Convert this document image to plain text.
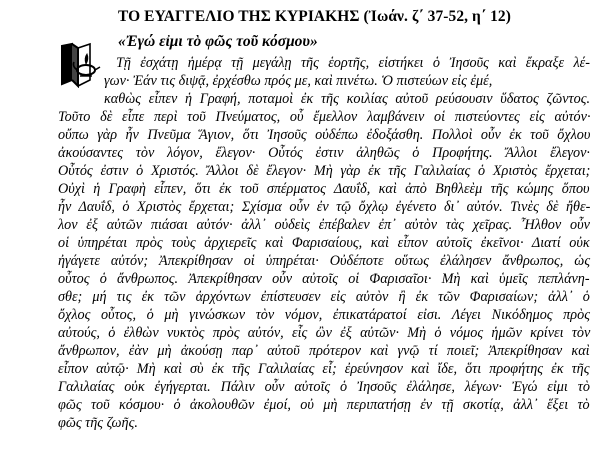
ΤΟ ΕΥΑΓΓΕΛΙΟ ΤΗΣ ΚΥΡΙΑΚΗΣ (Ἰωάν. ζ΄ 37-52, η΄ 12)
«Ἐγώ εἰμι τὸ φῶς τοῦ κόσμου»
Τῇ ἐσχάτῃ ἡμέρᾳ τῇ μεγάλῃ τῆς ἑορτῆς, εἱστήκει ὁ Ἰησοῦς καὶ ἔκραξε λέ-
γων· Ἐάν τις διψᾷ, ἐρχέσθω πρός με, καὶ πινέτω. Ὁ πιστεύων εἰς ἐμέ,
καθὼς εἶπεν ἡ Γραφή, ποταμοὶ ἐκ τῆς κοιλίας αὐτοῦ ρεύσουσιν ὕδατος ζῶντος.
Τοῦτο δὲ εἶπε περὶ τοῦ Πνεύματος, οὗ ἔμελλον λαμβάνειν οἱ πιστεύοντες εἰς αὐτόν·
οὔπω γὰρ ἦν Πνεῦμα Ἅγιον, ὅτι Ἰησοῦς οὐδέπω ἐδοξάσθη. Πολλοὶ οὖν ἐκ τοῦ ὄχλου
ἀκούσαντες τὸν λόγον, ἔλεγον· Οὗτός ἐστιν ἀληθῶς ὁ Προφήτης. Ἄλλοι ἔλεγον·
Οὗτός ἐστιν ὁ Χριστός. Ἄλλοι δὲ ἔλεγον· Μὴ γὰρ ἐκ τῆς Γαλιλαίας ὁ Χριστὸς ἔρχεται;
Οὐχὶ ἡ Γραφὴ εἶπεν, ὅτι ἐκ τοῦ σπέρματος Δαυΐδ, καὶ ἀπὸ Βηθλεὲμ τῆς κώμης ὅπου
ἦν Δαυΐδ, ὁ Χριστὸς ἔρχεται; Σχίσμα οὖν ἐν τῷ ὄχλῳ ἐγένετο δι᾽ αὐτόν. Τινὲς δὲ ἤθε-
λον ἐξ αὐτῶν πιάσαι αὐτόν· ἀλλ᾽ οὐδεὶς ἐπέβαλεν ἐπ᾽ αὐτὸν τὰς χεῖρας. Ἦλθον οὖν
οἱ ὑπηρέται πρὸς τοὺς ἀρχιερεῖς καὶ Φαρισαίους, καὶ εἶπον αὐτοῖς ἐκεῖνοι· Διατί οὐκ
ἠγάγετε αὐτόν; Ἀπεκρίθησαν οἱ ὑπηρέται· Οὐδέποτε οὕτως ἐλάλησεν ἄνθρωπος, ὡς
οὗτος ὁ ἄνθρωπος. Ἀπεκρίθησαν οὖν αὐτοῖς οἱ Φαρισαῖοι· Μὴ καὶ ὑμεῖς πεπλάνη-
σθε; μή τις ἐκ τῶν ἀρχόντων ἐπίστευσεν εἰς αὐτὸν ἢ ἐκ τῶν Φαρισαίων; ἀλλ᾽ ὁ
ὄχλος οὗτος, ὁ μὴ γινώσκων τὸν νόμον, ἐπικατάρατοί εἰσι. Λέγει Νικόδημος πρὸς
αὐτούς, ὁ ἐλθὼν νυκτὸς πρὸς αὐτόν, εἷς ὢν ἐξ αὐτῶν· Μὴ ὁ νόμος ἡμῶν κρίνει τὸν
ἄνθρωπον, ἐὰν μὴ ἀκούσῃ παρ᾽ αὐτοῦ πρότερον καὶ γνῷ τί ποιεῖ; Ἀπεκρίθησαν καὶ
εἶπον αὐτῷ· Μὴ καὶ σὺ ἐκ τῆς Γαλιλαίας εἶ; ἐρεύνησον καὶ ἴδε, ὅτι προφήτης ἐκ τῆς
Γαλιλαίας οὐκ ἐγήγερται. Πάλιν οὖν αὐτοῖς ὁ Ἰησοῦς ἐλάλησε, λέγων· Ἐγώ εἰμι τὸ
φῶς τοῦ κόσμου· ὁ ἀκολουθῶν ἐμοί, οὐ μὴ περιπατήσῃ ἐν τῇ σκοτίᾳ, ἀλλ᾽ ἕξει τὸ
φῶς τῆς ζωῆς.
